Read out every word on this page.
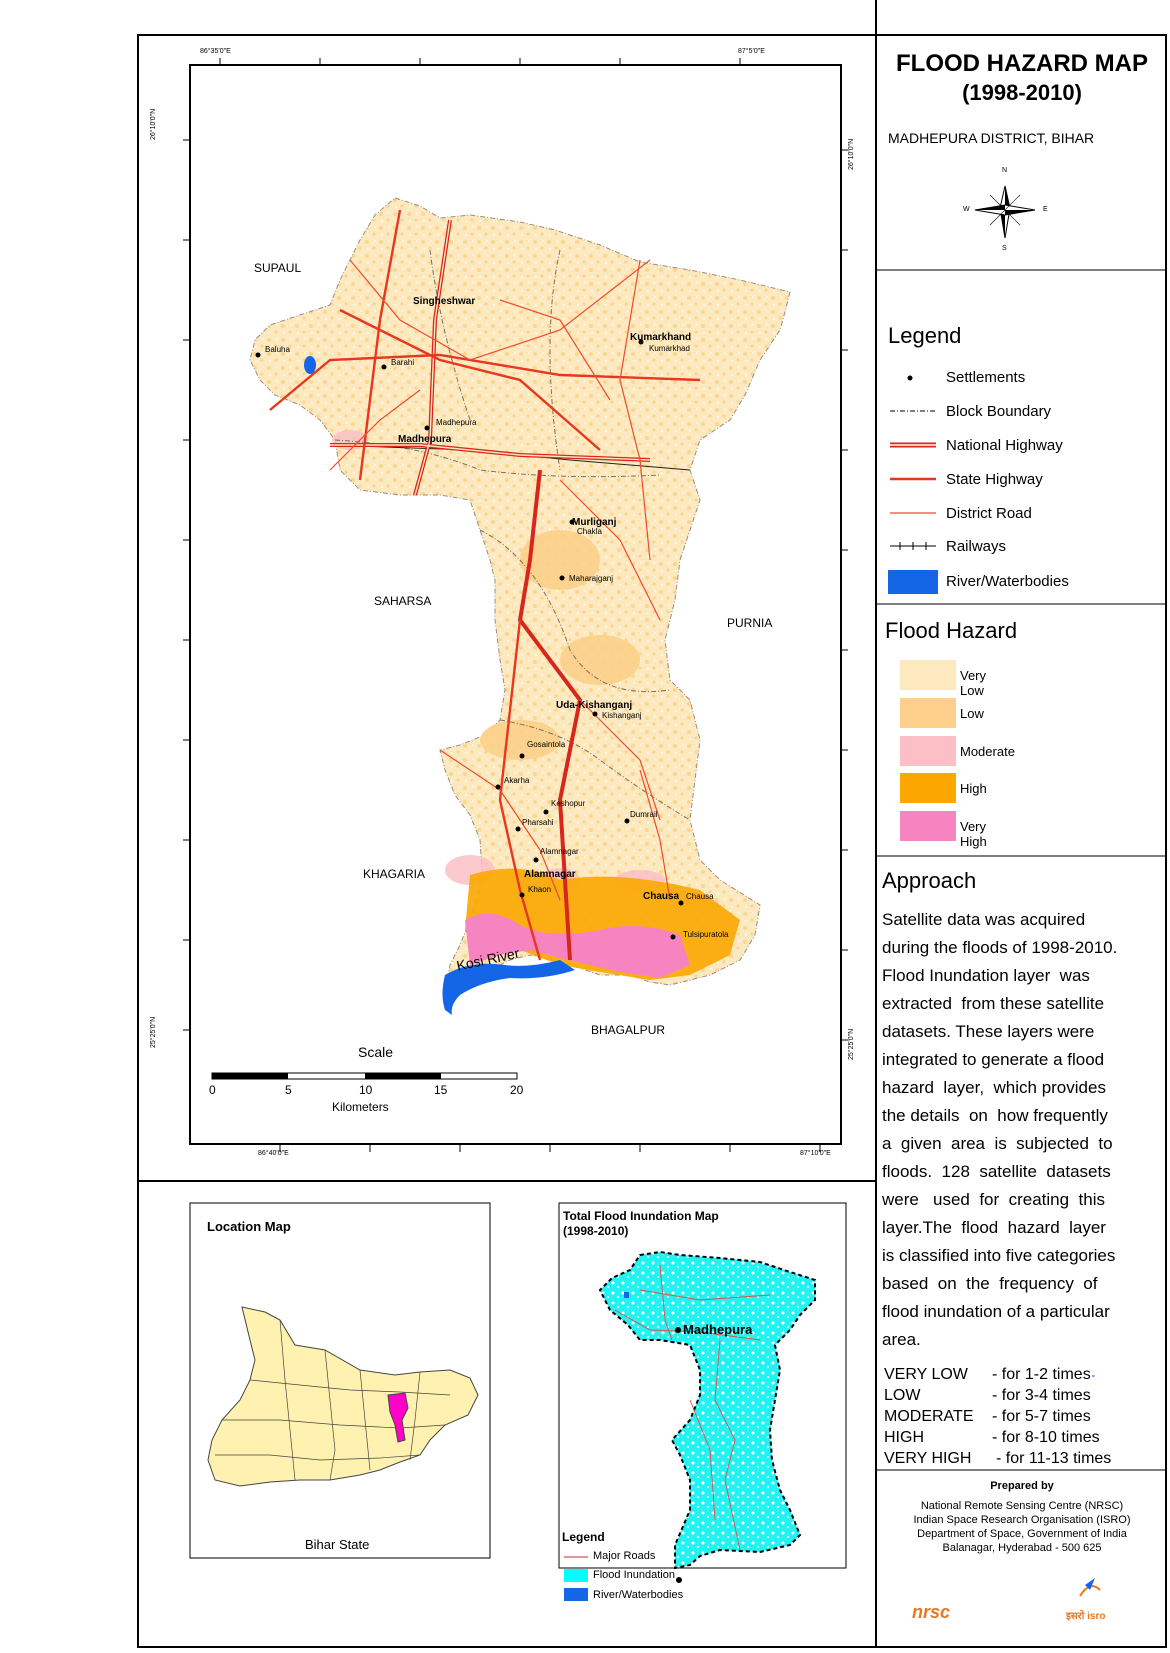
86°35'0"E	87°5'0"E
86°40'0"E	87°10'0"E
26°10'0"N
26°10'0"N
25°25'0"N	25°25'0"N
SUPAUL
SAHARSA
PURNIA
KHAGARIA
BHAGALPUR
Singheshwar
Kumarkhand
Madhepura
Murliganj
Uda-Kishanganj
Alamnagar
Chausa
Baluha
Barahi
Kumarkhad
Madhepura
Chakla
Maharajganj
Kishanganj
Gosaintola
Akarha
Keshopur
Pharsahi
Dumrail
Alamnagar
Khaon
Chausa
Tulsipuratola
Kosi River
Scale
0	5	10	15	20
Kilometers
FLOOD HAZARD MAP
(1998-2010)
MADHEPURA DISTRICT, BIHAR
N
S
E
W
Legend
Settlements
Block Boundary
National Highway
State Highway
District Road
Railways
River/Waterbodies
Flood Hazard
Very Low
Low
Moderate
High
Very High
Approach
Satellite data was acquired
during the floods of 1998-2010.
Flood Inundation layer  was
extracted  from these satellite
datasets. These layers were
integrated to generate a flood
hazard  layer,  which provides
the details  on  how frequently
a  given  area  is  subjected  to
floods.  128  satellite  datasets
were   used  for  creating  this
layer.The  flood  hazard  layer
is classified into five categories
based  on  the  frequency  of
flood inundation of a particular
area.
VERY LOW - for 1-2 times
LOW	- for 3-4 times
MODERATE - for 5-7 times
HIGH	- for 8-10 times
VERY HIGH - for 11-13 times
Prepared by
National Remote Sensing Centre (NRSC)
Indian Space Research Organisation (ISRO)
Department of Space, Government of India
Balanagar, Hyderabad - 500 625
nrsc	इसरो isro
Location Map
Bihar State
Total Flood Inundation Map
(1998-2010)
Madhepura
Legend
Major Roads
Flood Inundation
River/Waterbodies
